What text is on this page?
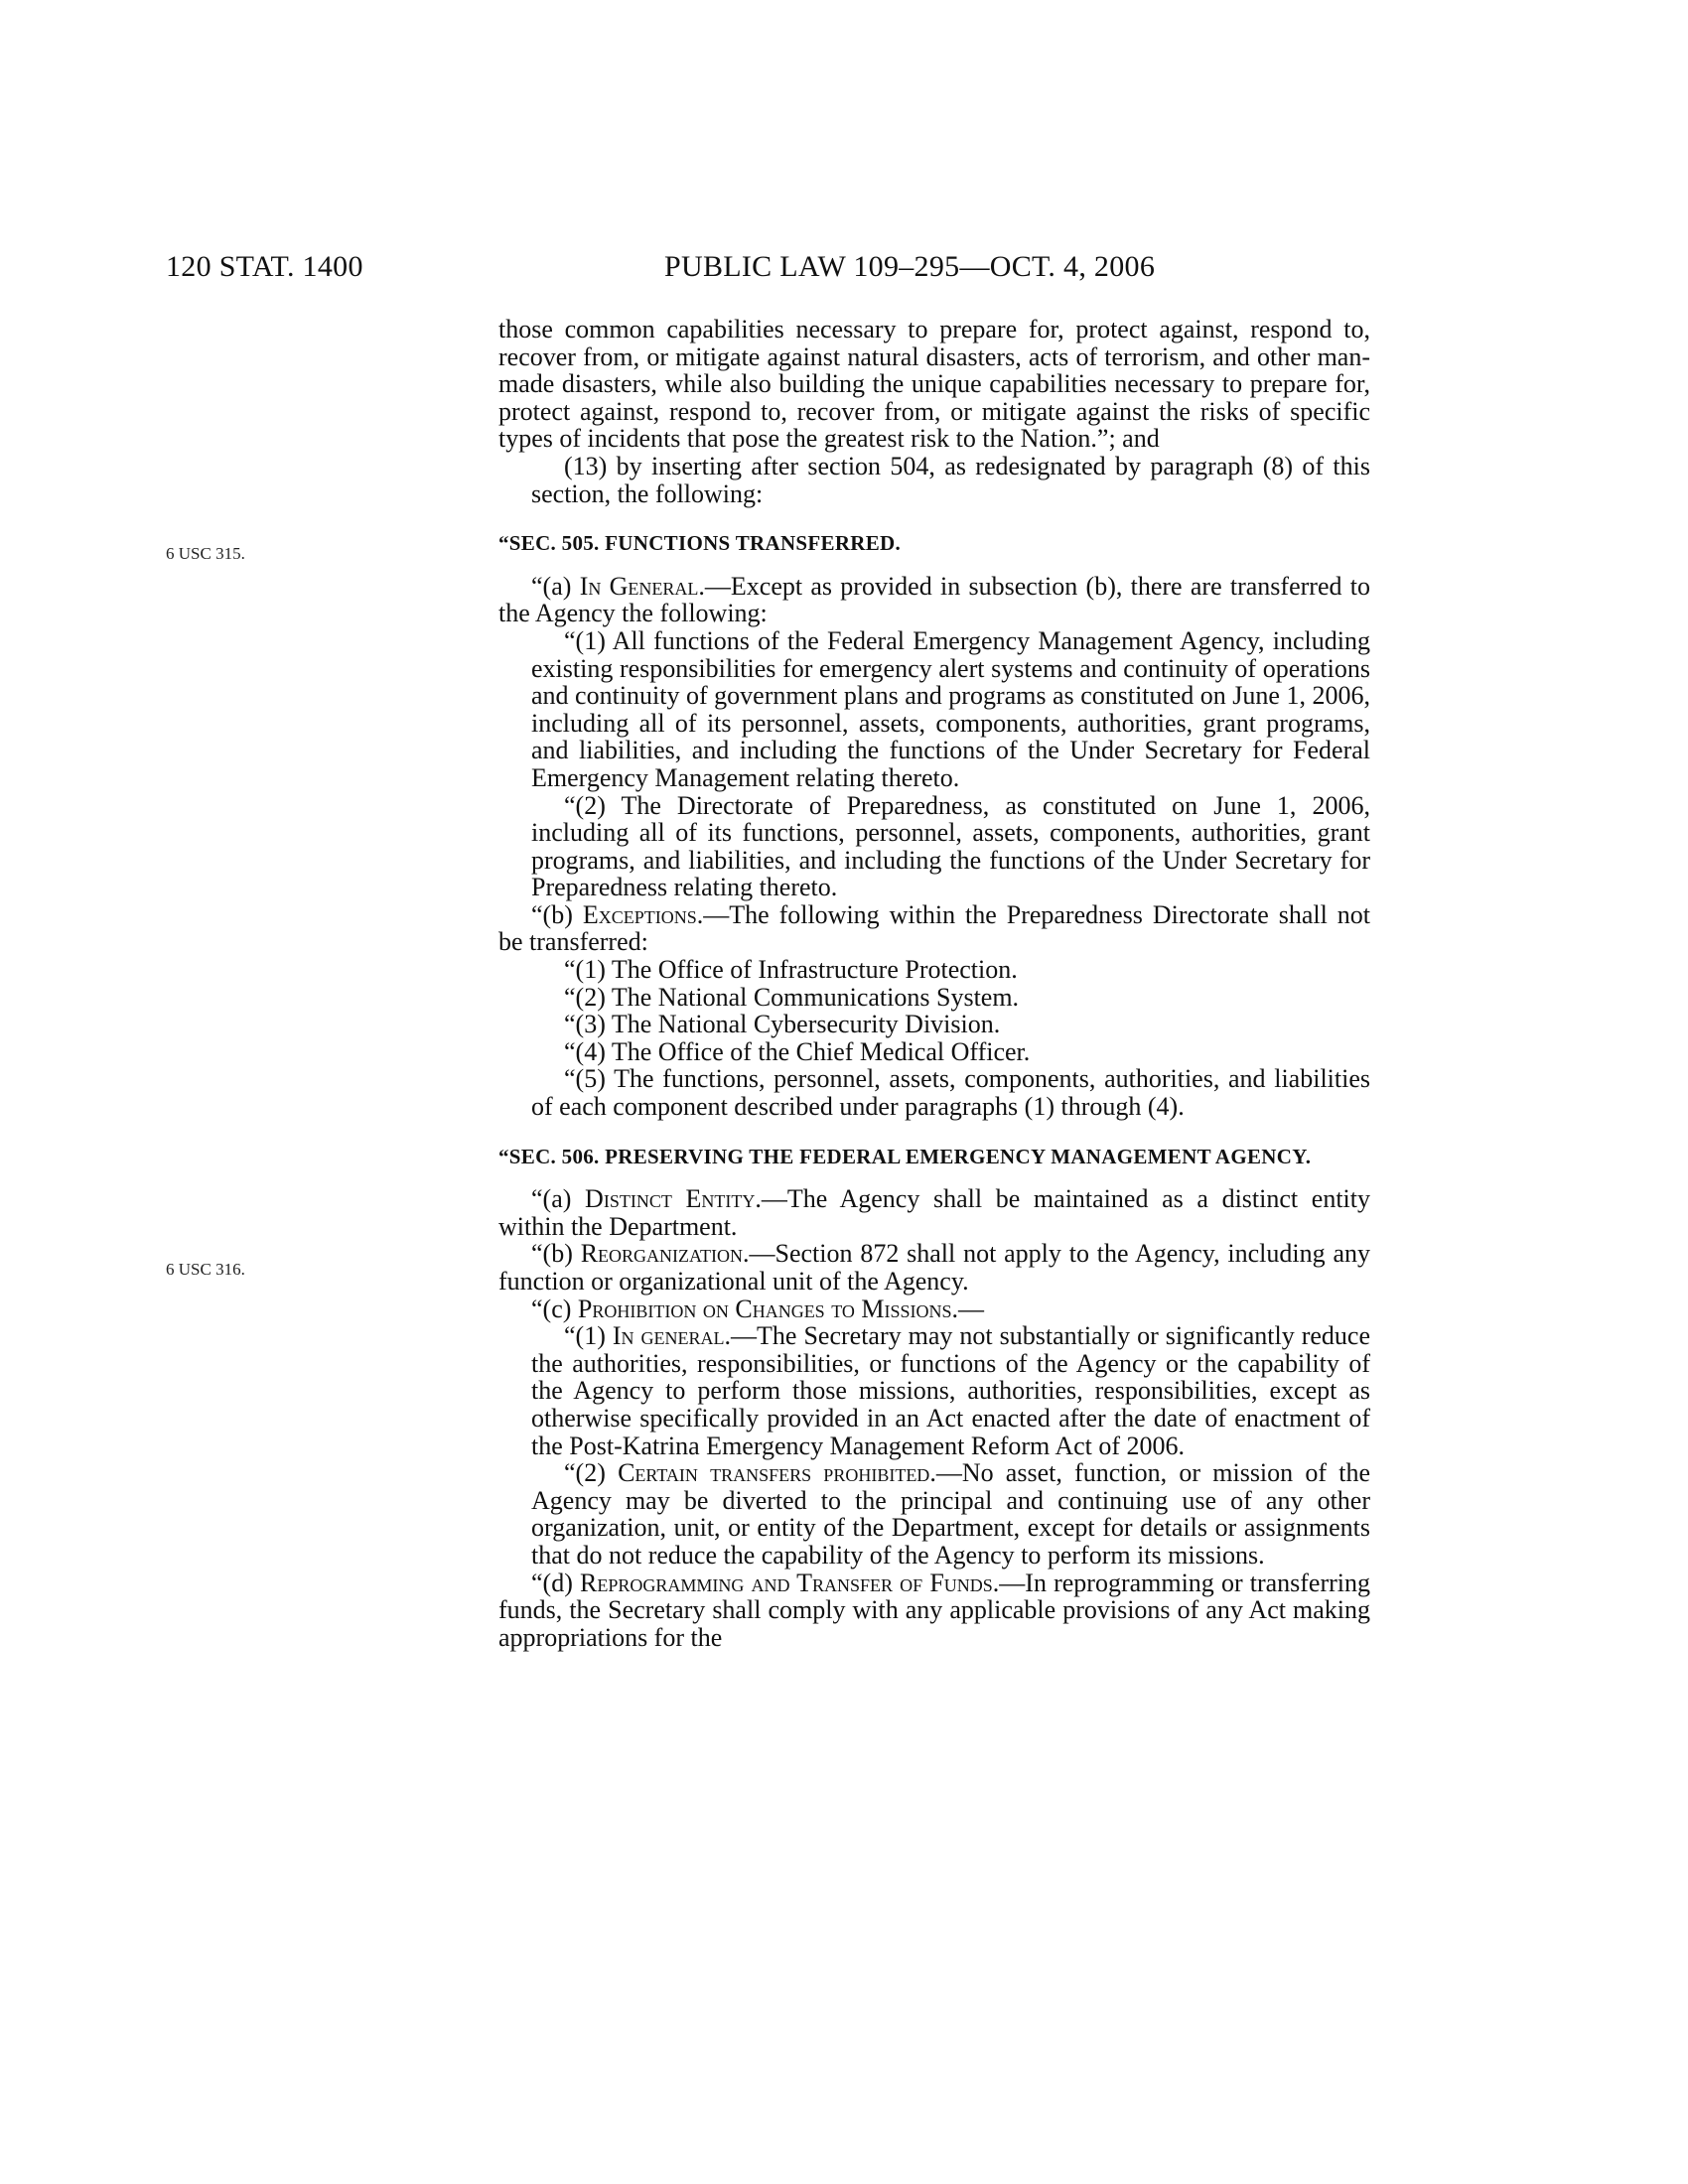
120 STAT. 1400	PUBLIC LAW 109–295—OCT. 4, 2006
6 USC 315.
6 USC 316.

those common capabilities necessary to prepare for, protect against, respond to, recover from, or mitigate against natural disasters, acts of terrorism, and other man-made disasters, while also building the unique capabilities necessary to prepare for, protect against, respond to, recover from, or mitigate against the risks of specific types of incidents that pose the greatest risk to the Nation.”; and

(13) by inserting after section 504, as redesignated by paragraph (8) of this section, the following:

“SEC. 505. FUNCTIONS TRANSFERRED.

“(a) In General.—Except as provided in subsection (b), there are transferred to the Agency the following:

“(1) All functions of the Federal Emergency Management Agency, including existing responsibilities for emergency alert systems and continuity of operations and continuity of government plans and programs as constituted on June 1, 2006, including all of its personnel, assets, components, authorities, grant programs, and liabilities, and including the functions of the Under Secretary for Federal Emergency Management relating thereto.

“(2) The Directorate of Preparedness, as constituted on June 1, 2006, including all of its functions, personnel, assets, components, authorities, grant programs, and liabilities, and including the functions of the Under Secretary for Preparedness relating thereto.

“(b) Exceptions.—The following within the Preparedness Directorate shall not be transferred:

“(1) The Office of Infrastructure Protection.

“(2) The National Communications System.

“(3) The National Cybersecurity Division.

“(4) The Office of the Chief Medical Officer.

“(5) The functions, personnel, assets, components, authorities, and liabilities of each component described under paragraphs (1) through (4).

“SEC. 506. PRESERVING THE FEDERAL EMERGENCY MANAGEMENT AGENCY.

“(a) Distinct Entity.—The Agency shall be maintained as a distinct entity within the Department.

“(b) Reorganization.—Section 872 shall not apply to the Agency, including any function or organizational unit of the Agency.

“(c) Prohibition on Changes to Missions.—

“(1) In general.—The Secretary may not substantially or significantly reduce the authorities, responsibilities, or functions of the Agency or the capability of the Agency to perform those missions, authorities, responsibilities, except as otherwise specifically provided in an Act enacted after the date of enactment of the Post-Katrina Emergency Management Reform Act of 2006.

“(2) Certain transfers prohibited.—No asset, function, or mission of the Agency may be diverted to the principal and continuing use of any other organization, unit, or entity of the Department, except for details or assignments that do not reduce the capability of the Agency to perform its missions.

“(d) Reprogramming and Transfer of Funds.—In reprogramming or transferring funds, the Secretary shall comply with any applicable provisions of any Act making appropriations for the
